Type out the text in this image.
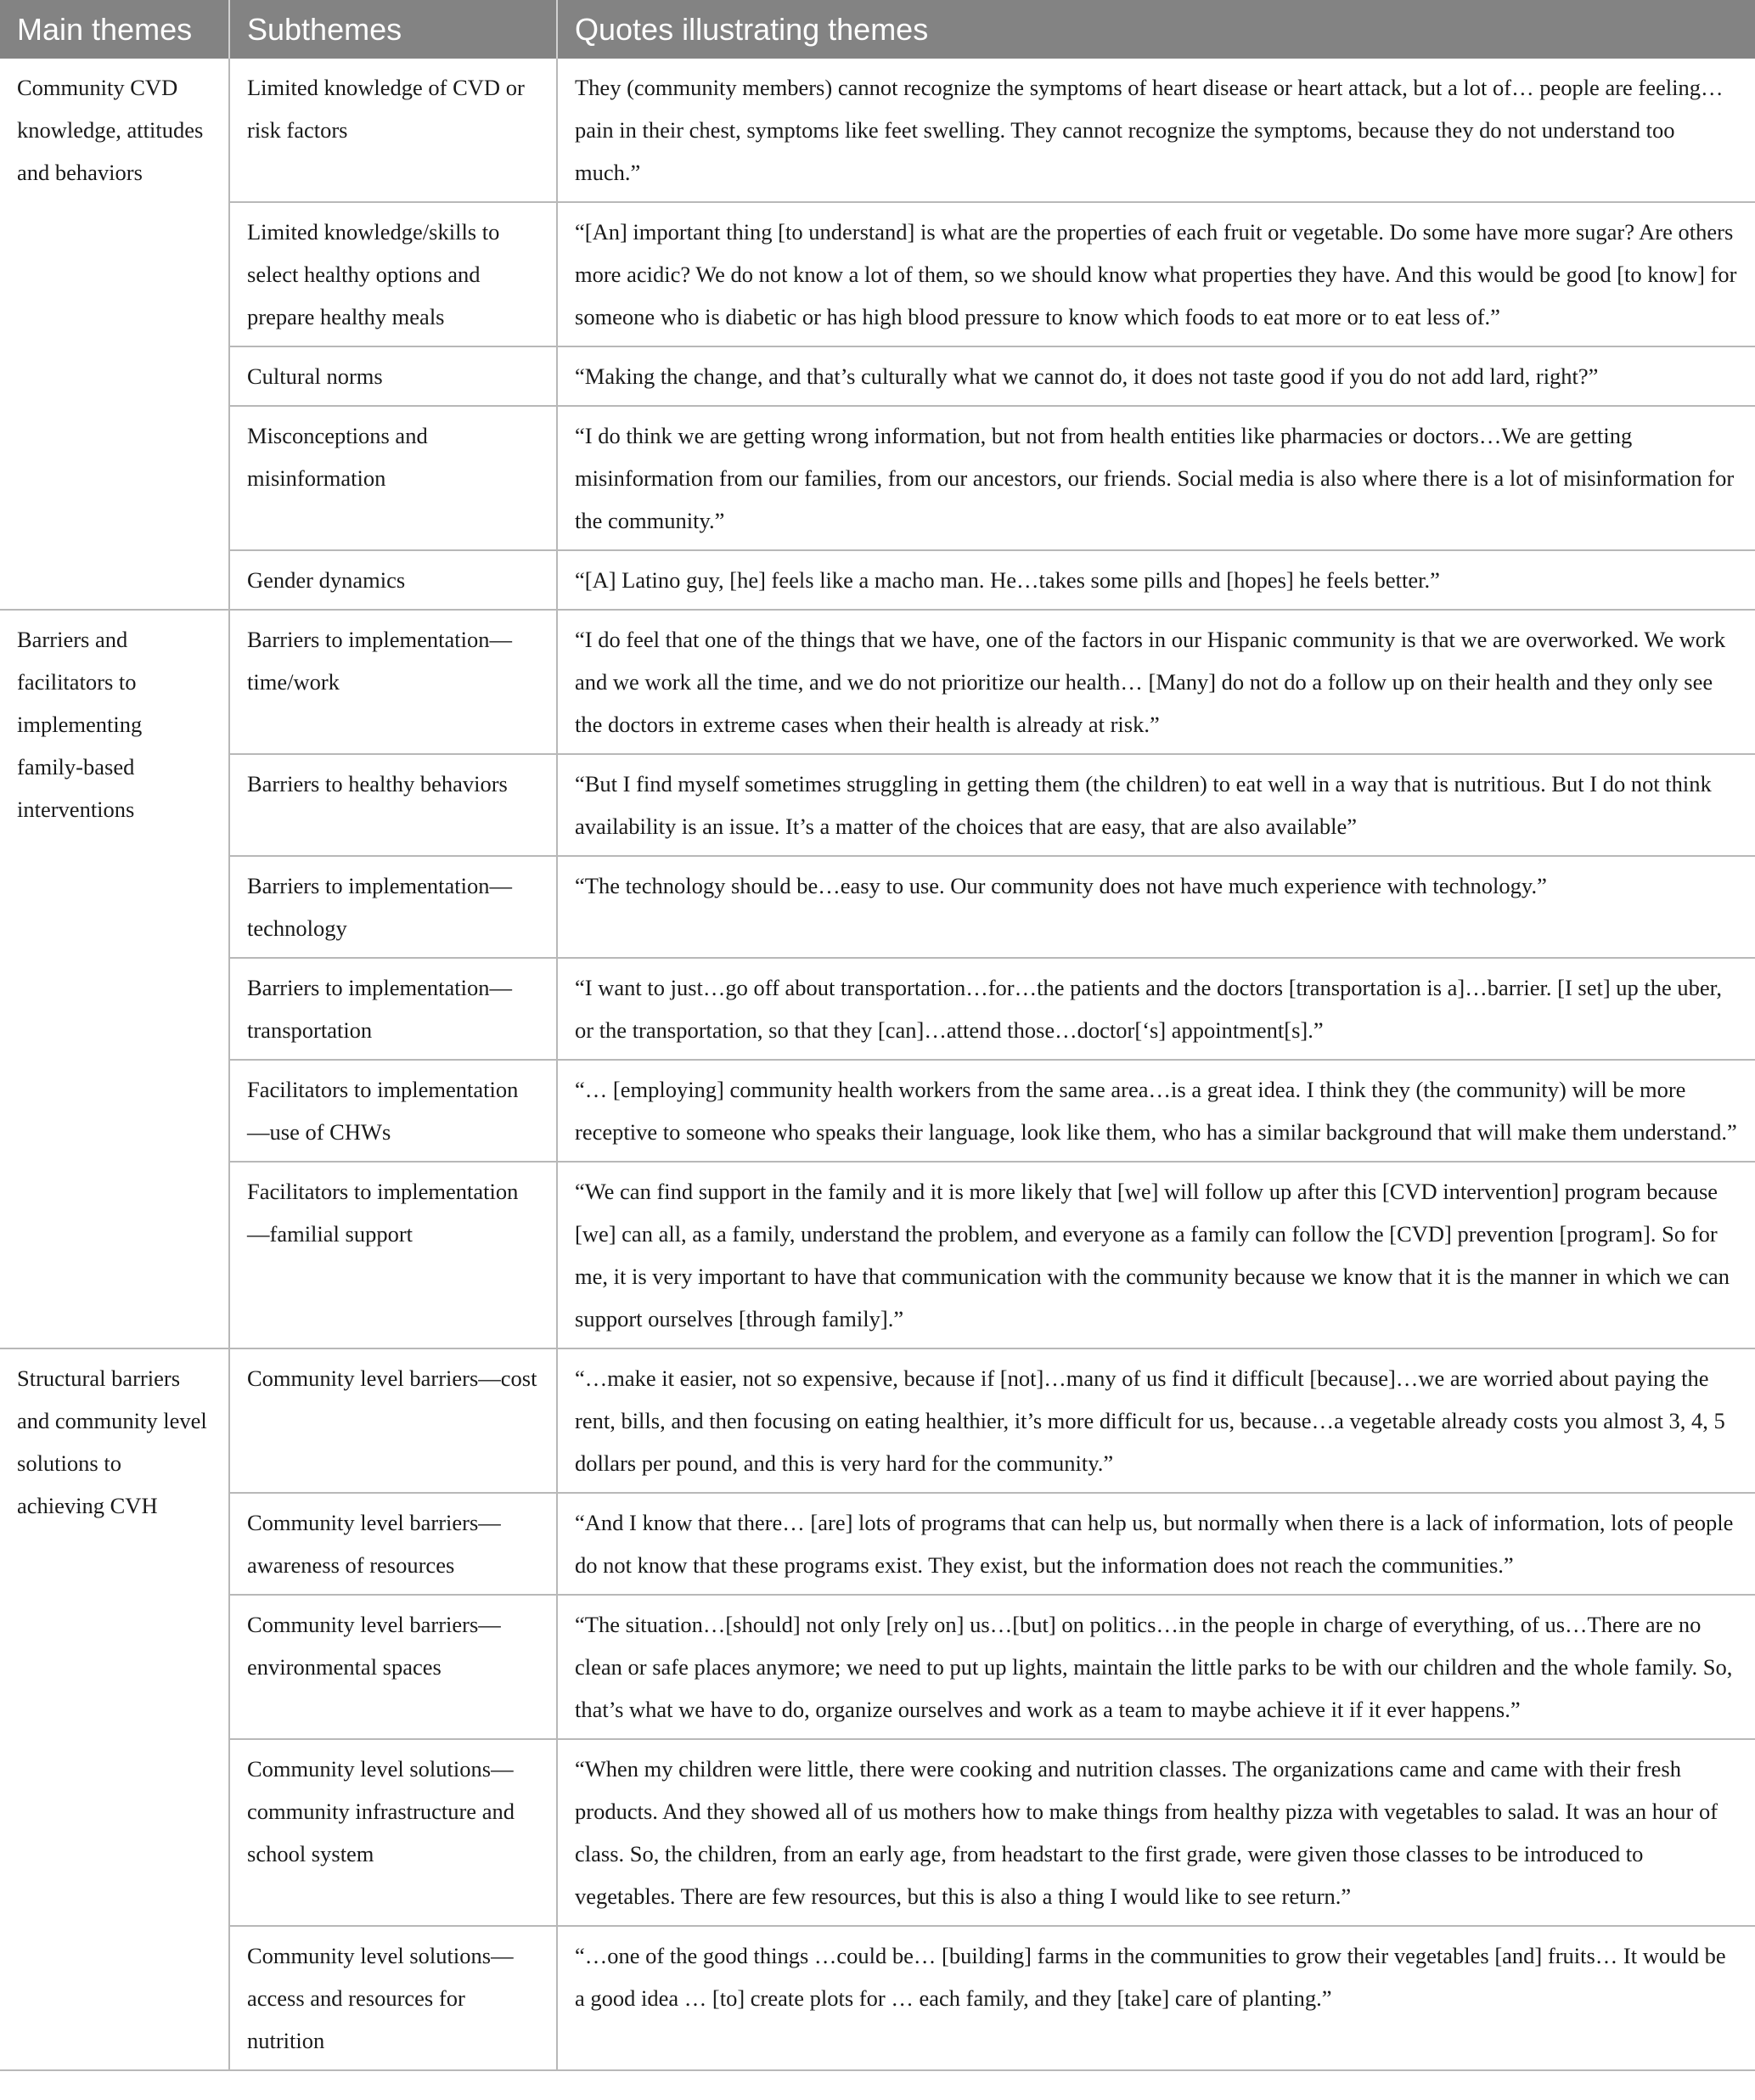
Main themes	Subthemes	Quotes illustrating themes
Community CVD knowledge, attitudes and behaviors	Limited knowledge of CVD or risk factors	They (community members) cannot recognize the symptoms of heart disease or heart attack, but a lot of… people are feeling… pain in their chest, symptoms like feet swelling. They cannot recognize the symptoms, because they do not understand too much.”
	Limited knowledge/skills to select healthy options and prepare healthy meals	“[An] important thing [to understand] is what are the properties of each fruit or vegetable. Do some have more sugar? Are others more acidic? We do not know a lot of them, so we should know what properties they have. And this would be good [to know] for someone who is diabetic or has high blood pressure to know which foods to eat more or to eat less of.”
	Cultural norms	“Making the change, and that’s culturally what we cannot do, it does not taste good if you do not add lard, right?”
	Misconceptions and misinformation	“I do think we are getting wrong information, but not from health entities like pharmacies or doctors…We are getting misinformation from our families, from our ancestors, our friends. Social media is also where there is a lot of misinformation for the community.”
	Gender dynamics	“[A] Latino guy, [he] feels like a macho man. He…takes some pills and [hopes] he feels better.”
Barriers and facilitators to implementing family-based interventions	Barriers to implementation—time/work	“I do feel that one of the things that we have, one of the factors in our Hispanic community is that we are overworked. We work and we work all the time, and we do not prioritize our health… [Many] do not do a follow up on their health and they only see the doctors in extreme cases when their health is already at risk.”
	Barriers to healthy behaviors	“But I find myself sometimes struggling in getting them (the children) to eat well in a way that is nutritious. But I do not think availability is an issue. It’s a matter of the choices that are easy, that are also available”
	Barriers to implementation—technology	“The technology should be…easy to use. Our community does not have much experience with technology.”
	Barriers to implementation—transportation	“I want to just…go off about transportation…for…the patients and the doctors [transportation is a]…barrier. [I set] up the uber, or the transportation, so that they [can]…attend those…doctor[‘s] appointment[s].”
	Facilitators to implementation—use of CHWs	“… [employing] community health workers from the same area…is a great idea. I think they (the community) will be more receptive to someone who speaks their language, look like them, who has a similar background that will make them understand.”
	Facilitators to implementation—familial support	“We can find support in the family and it is more likely that [we] will follow up after this [CVD intervention] program because [we] can all, as a family, understand the problem, and everyone as a family can follow the [CVD] prevention [program]. So for me, it is very important to have that communication with the community because we know that it is the manner in which we can support ourselves [through family].”
Structural barriers and community level solutions to achieving CVH	Community level barriers—cost	“…make it easier, not so expensive, because if [not]…many of us find it difficult [because]…we are worried about paying the rent, bills, and then focusing on eating healthier, it’s more difficult for us, because…a vegetable already costs you almost 3, 4, 5 dollars per pound, and this is very hard for the community.”
	Community level barriers—awareness of resources	“And I know that there… [are] lots of programs that can help us, but normally when there is a lack of information, lots of people do not know that these programs exist. They exist, but the information does not reach the communities.”
	Community level barriers—environmental spaces	“The situation…[should] not only [rely on] us…[but] on politics…in the people in charge of everything, of us…There are no clean or safe places anymore; we need to put up lights, maintain the little parks to be with our children and the whole family. So, that’s what we have to do, organize ourselves and work as a team to maybe achieve it if it ever happens.”
	Community level solutions—community infrastructure and school system	“When my children were little, there were cooking and nutrition classes. The organizations came and came with their fresh products. And they showed all of us mothers how to make things from healthy pizza with vegetables to salad. It was an hour of class. So, the children, from an early age, from headstart to the first grade, were given those classes to be introduced to vegetables. There are few resources, but this is also a thing I would like to see return.”
	Community level solutions—access and resources for nutrition	“…one of the good things …could be… [building] farms in the communities to grow their vegetables [and] fruits… It would be a good idea … [to] create plots for … each family, and they [take] care of planting.”
